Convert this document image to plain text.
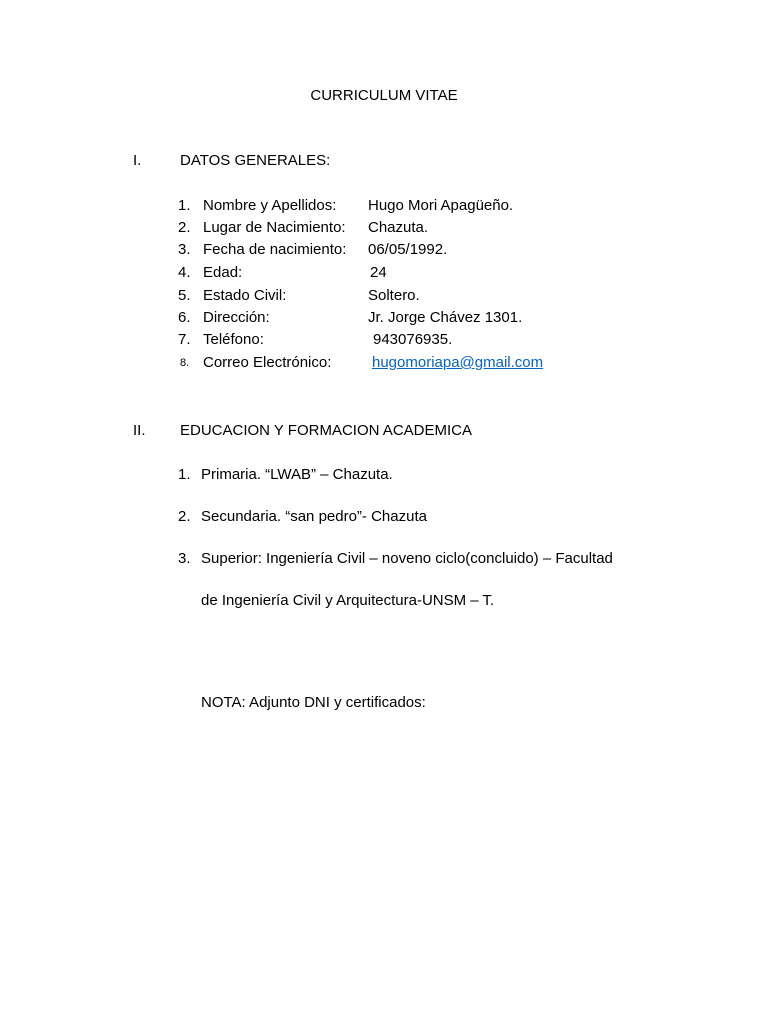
CURRICULUM VITAE
I.	DATOS GENERALES:
1. Nombre y Apellidos: Hugo Mori Apagüeño.
2. Lugar de Nacimiento: Chazuta.
3. Fecha de nacimiento: 06/05/1992.
4. Edad:	24
5. Estado Civil:	Soltero.
6. Dirección:	Jr. Jorge Chávez 1301.
7. Teléfono:	943076935.
8. Correo Electrónico:	hugomoriapa@gmail.com
II. EDUCACION Y FORMACION ACADEMICA
1. Primaria. “LWAB” – Chazuta.
2. Secundaria. “san pedro”- Chazuta
3. Superior: Ingeniería Civil – noveno ciclo(concluido) – Facultad
de Ingeniería Civil y Arquitectura-UNSM – T.
NOTA: Adjunto DNI y certificados:
